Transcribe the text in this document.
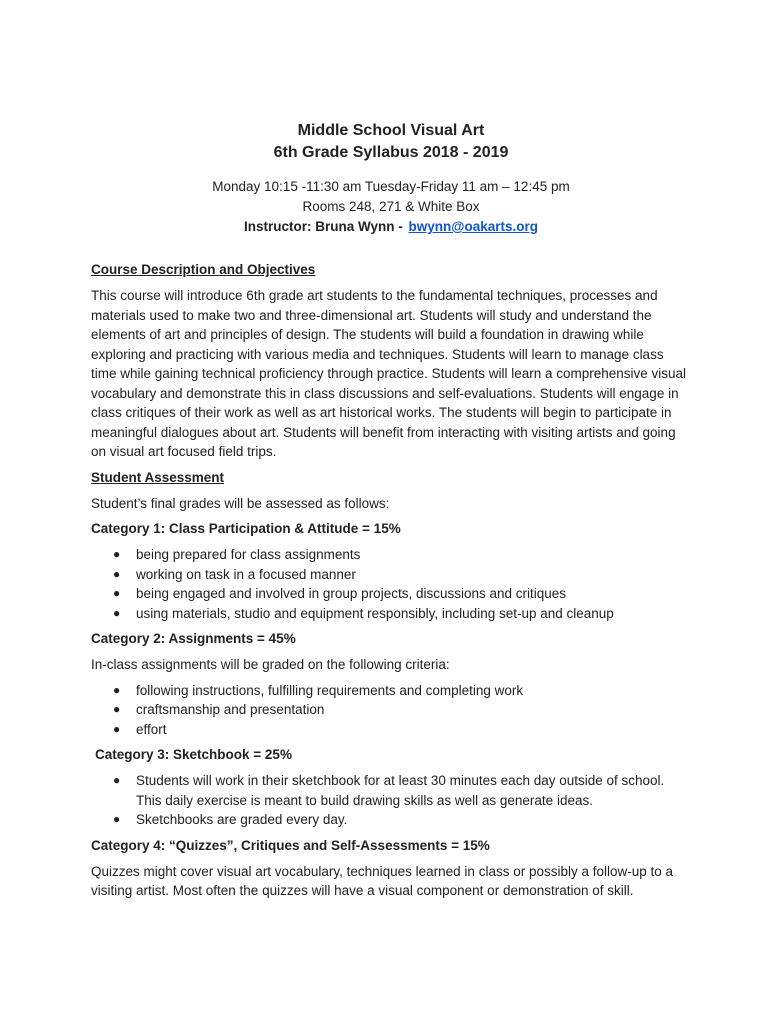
Middle School Visual Art
6th Grade Syllabus 2018 - 2019
Monday 10:15 -11:30 am Tuesday-Friday 11 am – 12:45 pm
Rooms 248, 271 & White Box
Instructor: Bruna Wynn - bwynn@oakarts.org
Course Description and Objectives

This course will introduce 6th grade art students to the fundamental techniques, processes and materials used to make two and three-dimensional art. Students will study and understand the elements of art and principles of design. The students will build a foundation in drawing while exploring and practicing with various media and techniques. Students will learn to manage class time while gaining technical proficiency through practice. Students will learn a comprehensive visual vocabulary and demonstrate this in class discussions and self-evaluations. Students will engage in class critiques of their work as well as art historical works. The students will begin to participate in meaningful dialogues about art. Students will benefit from interacting with visiting artists and going on visual art focused field trips.

Student Assessment

Student’s final grades will be assessed as follows:

Category 1: Class Participation & Attitude = 15%

● being prepared for class assignments
● working on task in a focused manner
● being engaged and involved in group projects, discussions and critiques
● using materials, studio and equipment responsibly, including set-up and cleanup

Category 2: Assignments = 45%

In-class assignments will be graded on the following criteria:

● following instructions, fulfilling requirements and completing work
● craftsmanship and presentation
● effort

Category 3: Sketchbook = 25%

● Students will work in their sketchbook for at least 30 minutes each day outside of school. This daily exercise is meant to build drawing skills as well as generate ideas.
● Sketchbooks are graded every day.

Category 4: “Quizzes”, Critiques and Self-Assessments = 15%

Quizzes might cover visual art vocabulary, techniques learned in class or possibly a follow-up to a visiting artist. Most often the quizzes will have a visual component or demonstration of skill.
